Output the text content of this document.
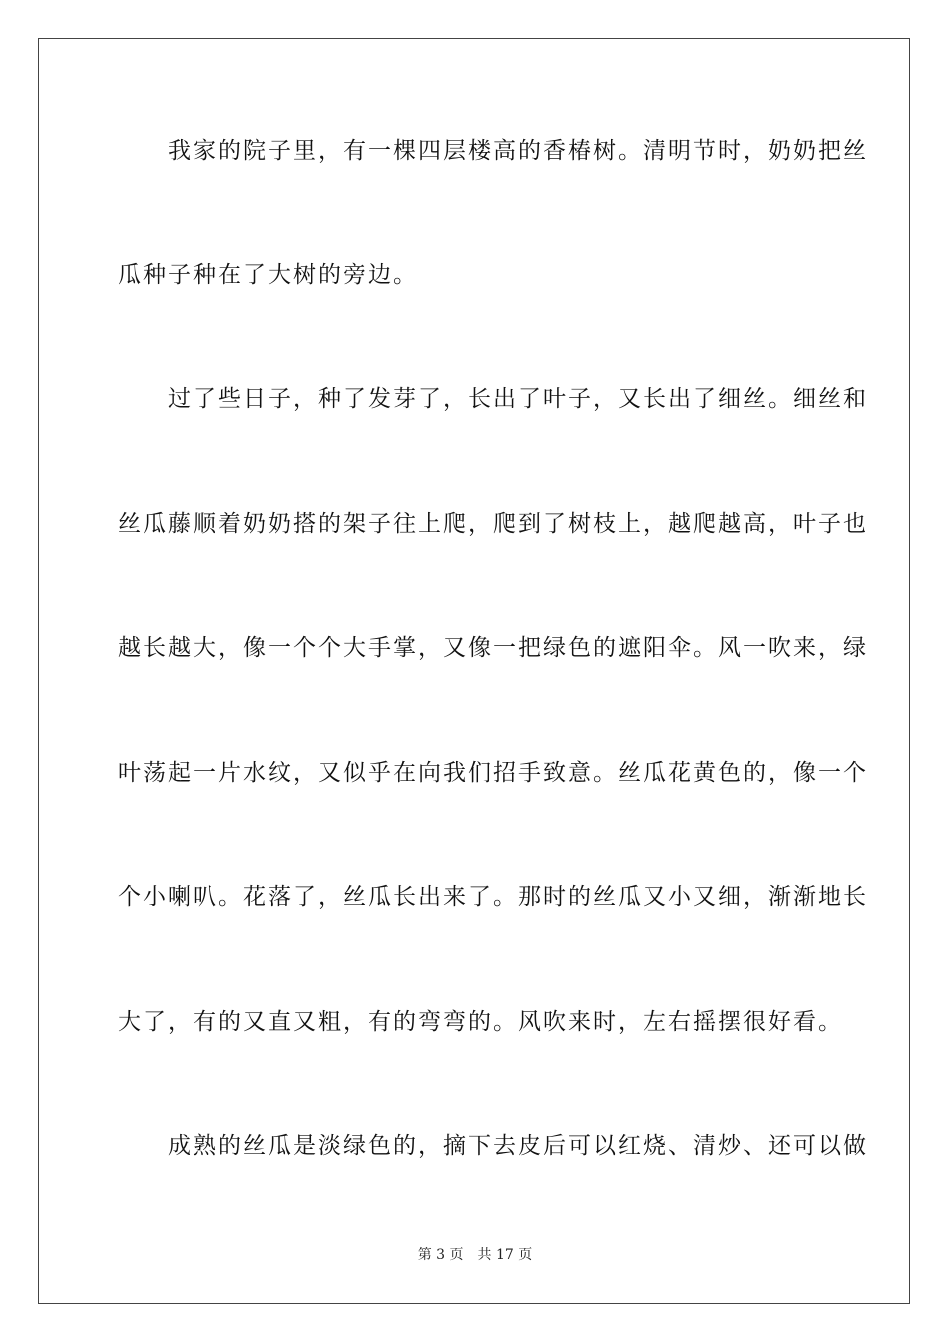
　　我家的院子里，有一棵四层楼高的香椿树。清明节时，奶奶把丝
瓜种子种在了大树的旁边。
　　过了些日子，种了发芽了，长出了叶子，又长出了细丝。细丝和
丝瓜藤顺着奶奶搭的架子往上爬，爬到了树枝上，越爬越高，叶子也
越长越大，像一个个大手掌，又像一把绿色的遮阳伞。风一吹来，绿
叶荡起一片水纹，又似乎在向我们招手致意。丝瓜花黄色的，像一个
个小喇叭。花落了，丝瓜长出来了。那时的丝瓜又小又细，渐渐地长
大了，有的又直又粗，有的弯弯的。风吹来时，左右摇摆很好看。
　　成熟的丝瓜是淡绿色的，摘下去皮后可以红烧、清炒、还可以做
第 3 页 共 17 页
